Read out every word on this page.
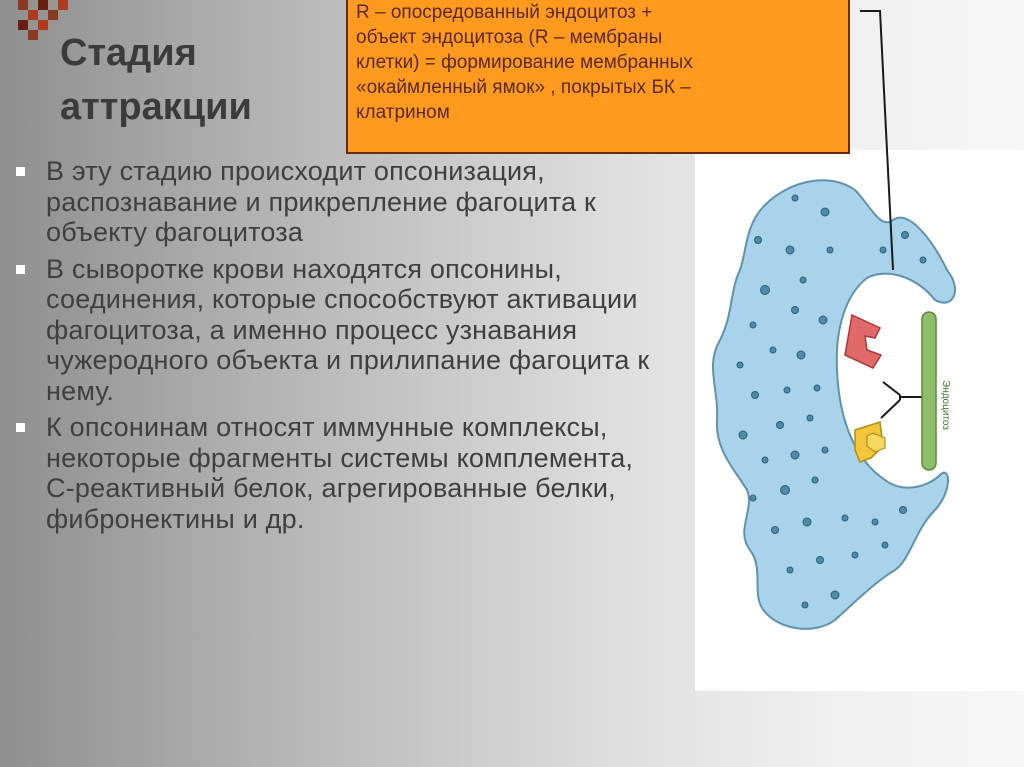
Стадия
аттракции
В эту стадию происходит опсонизация, распознавание и прикрепление фагоцита к объекту фагоцитоза
В сыворотке крови находятся опсонины, соединения, которые способствуют активации фагоцитоза, а именно процесс узнавания чужеродного объекта и прилипание фагоцита к нему.
К опсонинам относят иммунные комплексы, некоторые фрагменты системы комплемента, С-реактивный белок, агрегированные белки, фибронектины и др.
Эндоцитоз
R – опосредованный эндоцитоз +
объект эндоцитоза (R – мембраны
клетки) = формирование мембранных
«окаймленный ямок» , покрытых БК –
клатрином
